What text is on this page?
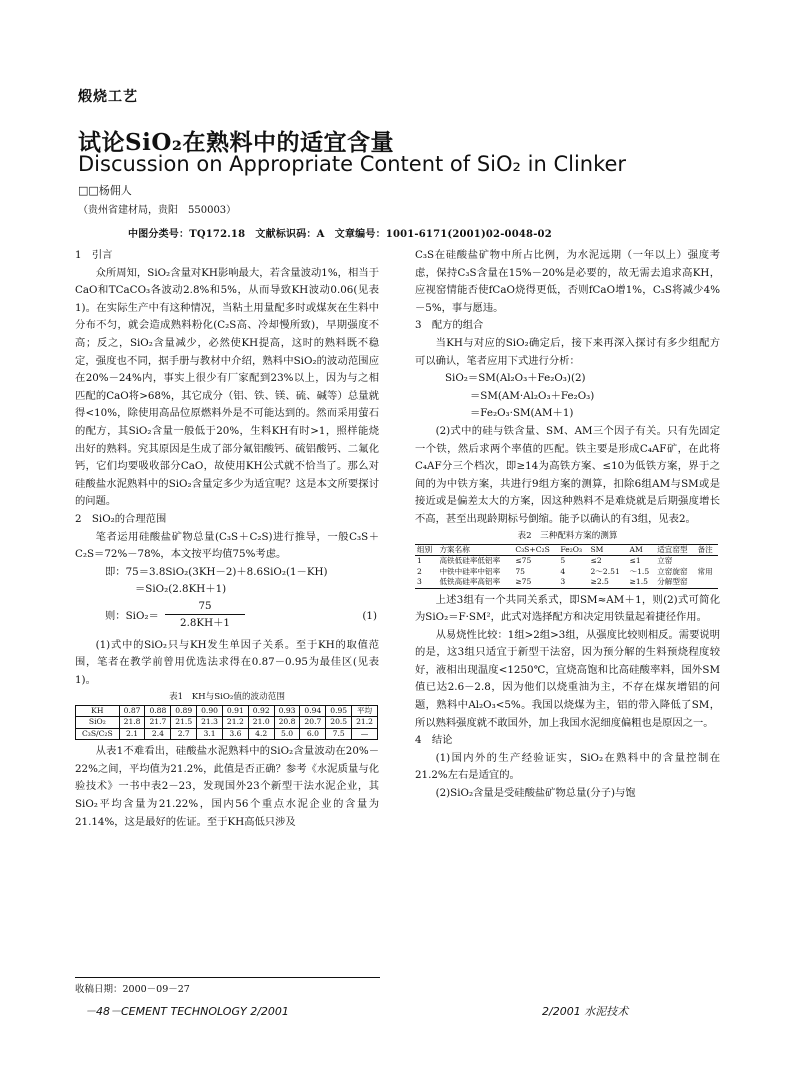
煅烧工艺
试论SiO₂在熟料中的适宜含量
Discussion on Appropriate Content of SiO₂ in Clinker
□□杨佣人
（贵州省建材局，贵阳　550003）
中图分类号：TQ172.18　文献标识码：A　文章编号：1001-6171(2001)02-0048-02

1　引言

众所周知，SiO₂含量对KH影响最大，若含量波动1%，相当于CaO和TCaCO₃各波动2.8%和5%，从而导致KH波动0.06(见表1)。在实际生产中有这种情况，当粘土用量配多时或煤灰在生料中分布不匀，就会造成熟料粉化(C₂S高、冷却慢所致)，早期强度不高；反之，SiO₂含量减少，必然使KH提高，这时的熟料既不稳定，强度也不同，据手册与教材中介绍，熟料中SiO₂的波动范围应在20%－24%内，事实上很少有厂家配到23%以上，因为与之相匹配的CaO将>68%，其它成分（铝、铁、镁、硫、碱等）总量就得<10%，除使用高品位原燃料外是不可能达到的。然而采用萤石的配方，其SiO₂含量一般低于20%，生料KH有时>1，照样能烧出好的熟料。究其原因是生成了部分氟铝酸钙、硫铝酸钙、二氟化钙，它们均要吸收部分CaO，故使用KH公式就不恰当了。那么对硅酸盐水泥熟料中的SiO₂含量定多少为适宜呢？这是本文所要探讨的问题。

2　SiO₂的合理范围

笔者运用硅酸盐矿物总量(C₃S＋C₂S)进行推导，一般C₃S＋C₂S＝72%－78%，本文按平均值75%考虑。

即：75＝3.8SiO₂(3KH－2)＋8.6SiO₂(1－KH)

＝SiO₂(2.8KH＋1)

则：$SiO_2= \frac{75}{2.8KH+1}$	(1)

(1)式中的SiO₂只与KH发生单因子关系。至于KH的取值范围，笔者在教学前曾用优选法求得在0.87－0.95为最佳区(见表1)。

表1　KH与SiO₂值的波动范围
KH	0.87	0.88	0.89	0.90	0.91	0.92	0.93	0.94	0.95	平均
SiO₂	21.8	21.7	21.5	21.3	21.2	21.0	20.8	20.7	20.5	21.2
C₃S/C₂S	2.1	2.4	2.7	3.1	3.6	4.2	5.0	6.0	7.5	—

从表1不难看出，硅酸盐水泥熟料中的SiO₂含量波动在20%－22%之间，平均值为21.2%，此值是否正确？参考《水泥质量与化验技术》一书中表2－23，发现国外23个新型干法水泥企业，其SiO₂平均含量为21.22%，国内56个重点水泥企业的含量为21.14%，这是最好的佐证。至于KH高低只涉及

C₃S在硅酸盐矿物中所占比例，为水泥远期（一年以上）强度考虑，保持C₃S含量在15%－20%是必要的，故无需去追求高KH，应视窑情能否使fCaO烧得更低，否则fCaO增1%，C₃S将减少4%－5%，事与愿违。

3　配方的组合

当KH与对应的SiO₂确定后，接下来再深入探讨有多少组配方可以确认，笔者应用下式进行分析：

SiO₂＝SM(Al₂O₃＋Fe₂O₃)(2)

＝SM(AM·Al₂O₃＋Fe₂O₃)

＝Fe₂O₃·SM(AM＋1)

(2)式中的硅与铁含量、SM、AM三个因子有关。只有先固定一个铁，然后求两个率值的匹配。铁主要是形成C₄AF矿，在此将C₄AF分三个档次，即≥14为高铁方案、≤10为低铁方案，界于之间的为中铁方案，共进行9组方案的测算，扣除6组AM与SM或是接近或是偏差太大的方案，因这种熟料不是难烧就是后期强度增长不高，甚至出现龄期标号倒缩。能予以确认的有3组，见表2。

表2　三种配料方案的测算
组别	方案名称	C₃S+C₂S	Fe₂O₃	SM	AM	适宜窑型	备注
1	高铁低硅率低铝率	≤75	5	≤2	≤1	立窑	
2	中铁中硅率中铝率	75	4	2～2.51	～1.5	立窑旋窑	常用
3	低铁高硅率高铝率	≥75	3	≥2.5	≥1.5	分解型窑	

上述3组有一个共同关系式，即SM≈AM＋1，则(2)式可简化为SiO₂＝F·SM²，此式对选择配方和决定用铁量起着捷径作用。

从易烧性比较：1组>2组>3组，从强度比较则相反。需要说明的是，这3组只适宜于新型干法窑，因为预分解的生料预烧程度较好，液相出现温度<1250℃，宜烧高饱和比高硅酸率料，国外SM值已达2.6－2.8，因为他们以烧重油为主，不存在煤灰增铝的问题，熟料中Al₂O₃<5%。我国以烧煤为主，铝的带入降低了SM，所以熟料强度就不敢国外，加上我国水泥细度偏粗也是原因之一。

4　结论

(1)国内外的生产经验证实，SiO₂在熟料中的含量控制在21.2%左右是适宜的。

(2)SiO₂含量是受硅酸盐矿物总量(分子)与饱

收稿日期：2000－09－27
－48－CEMENT TECHNOLOGY 2/2001	2/2001 水泥技术
